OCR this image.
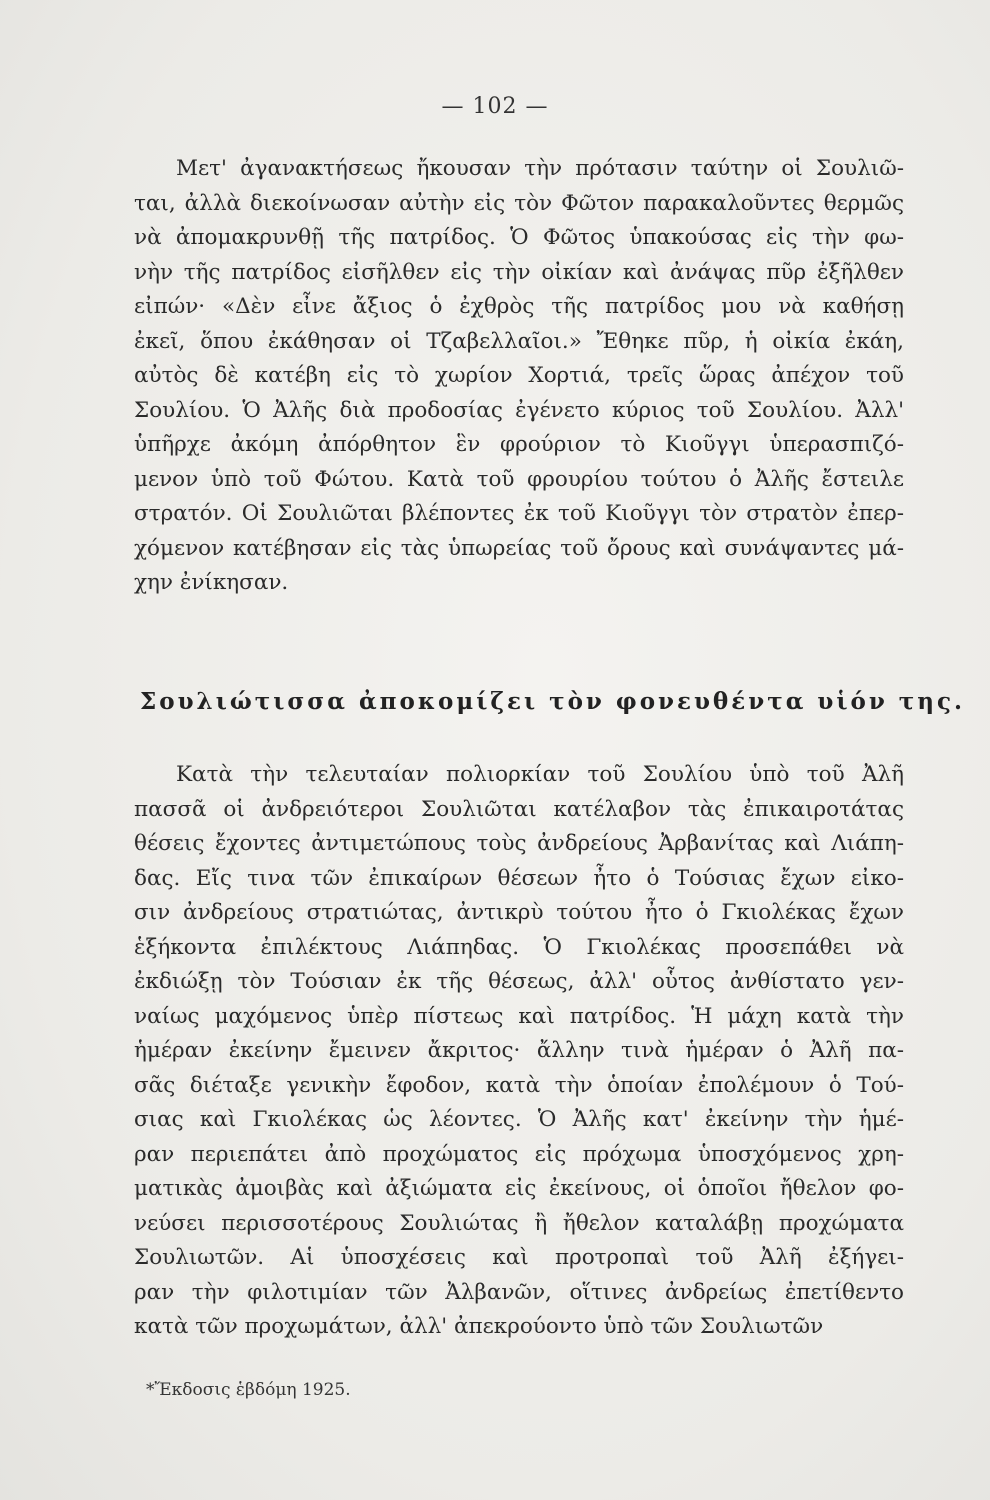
— 102 —
Μετ' ἀγανακτήσεως ἤκουσαν τὴν πρότασιν ταύτην οἱ Σουλιῶ-
ται, ἀλλὰ διεκοίνωσαν αὐτὴν εἰς τὸν Φῶτον παρακαλοῦντες θερμῶς
νὰ ἀπομακρυνθῇ τῆς πατρίδος. Ὁ Φῶτος ὑπακούσας εἰς τὴν φω-
νὴν τῆς πατρίδος εἰσῆλθεν εἰς τὴν οἰκίαν καὶ ἀνάψας πῦρ ἐξῆλθεν
εἰπών· «Δὲν εἶνε ἄξιος ὁ ἐχθρὸς τῆς πατρίδος μου νὰ καθήσῃ
ἐκεῖ, ὅπου ἐκάθησαν οἱ Τζαβελλαῖοι.» Ἔθηκε πῦρ, ἡ οἰκία ἐκάη,
αὐτὸς δὲ κατέβη εἰς τὸ χωρίον Χορτιά, τρεῖς ὥρας ἀπέχον τοῦ
Σουλίου. Ὁ Ἀλῆς διὰ προδοσίας ἐγένετο κύριος τοῦ Σουλίου. Ἀλλ'
ὑπῆρχε ἀκόμη ἀπόρθητον ἓν φρούριον τὸ Κιοῦγγι ὑπερασπιζό-
μενον ὑπὸ τοῦ Φώτου. Κατὰ τοῦ φρουρίου τούτου ὁ Ἀλῆς ἔστειλε
στρατόν. Οἱ Σουλιῶται βλέποντες ἐκ τοῦ Κιοῦγγι τὸν στρατὸν ἐπερ-
χόμενον κατέβησαν εἰς τὰς ὑπωρείας τοῦ ὄρους καὶ συνάψαντες μά-
χην ἐνίκησαν.
Σουλιώτισσα ἀποκομίζει τὸν φονευθέντα υἱόν της.
Κατὰ τὴν τελευταίαν πολιορκίαν τοῦ Σουλίου ὑπὸ τοῦ Ἀλῆ
πασσᾶ οἱ ἀνδρειότεροι Σουλιῶται κατέλαβον τὰς ἐπικαιροτάτας
θέσεις ἔχοντες ἀντιμετώπους τοὺς ἀνδρείους Ἀρβανίτας καὶ Λιάπη-
δας. Εἴς τινα τῶν ἐπικαίρων θέσεων ἦτο ὁ Τούσιας ἔχων εἰκο-
σιν ἀνδρείους στρατιώτας, ἀντικρὺ τούτου ἦτο ὁ Γκιολέκας ἔχων
ἑξήκοντα ἐπιλέκτους Λιάπηδας. Ὁ Γκιολέκας προσεπάθει νὰ
ἐκδιώξῃ τὸν Τούσιαν ἐκ τῆς θέσεως, ἀλλ' οὗτος ἀνθίστατο γεν-
ναίως μαχόμενος ὑπὲρ πίστεως καὶ πατρίδος. Ἡ μάχη κατὰ τὴν
ἡμέραν ἐκείνην ἔμεινεν ἄκριτος· ἄλλην τινὰ ἡμέραν ὁ Ἀλῆ πα-
σᾶς διέταξε γενικὴν ἔφοδον, κατὰ τὴν ὁποίαν ἐπολέμουν ὁ Τού-
σιας καὶ Γκιολέκας ὡς λέοντες. Ὁ Ἀλῆς κατ' ἐκείνην τὴν ἡμέ-
ραν περιεπάτει ἀπὸ προχώματος εἰς πρόχωμα ὑποσχόμενος χρη-
ματικὰς ἀμοιβὰς καὶ ἀξιώματα εἰς ἐκείνους, οἱ ὁποῖοι ἤθελον φο-
νεύσει περισσοτέρους Σουλιώτας ἢ ἤθελον καταλάβῃ προχώματα
Σουλιωτῶν. Αἱ ὑποσχέσεις καὶ προτροπαὶ τοῦ Ἀλῆ ἐξήγει-
ραν τὴν φιλοτιμίαν τῶν Ἀλβανῶν, οἵτινες ἀνδρείως ἐπετίθεντο
κατὰ τῶν προχωμάτων, ἀλλ' ἀπεκρούοντο ὑπὸ τῶν Σουλιωτῶν
*Ἔκδοσις ἑβδόμη 1925.
